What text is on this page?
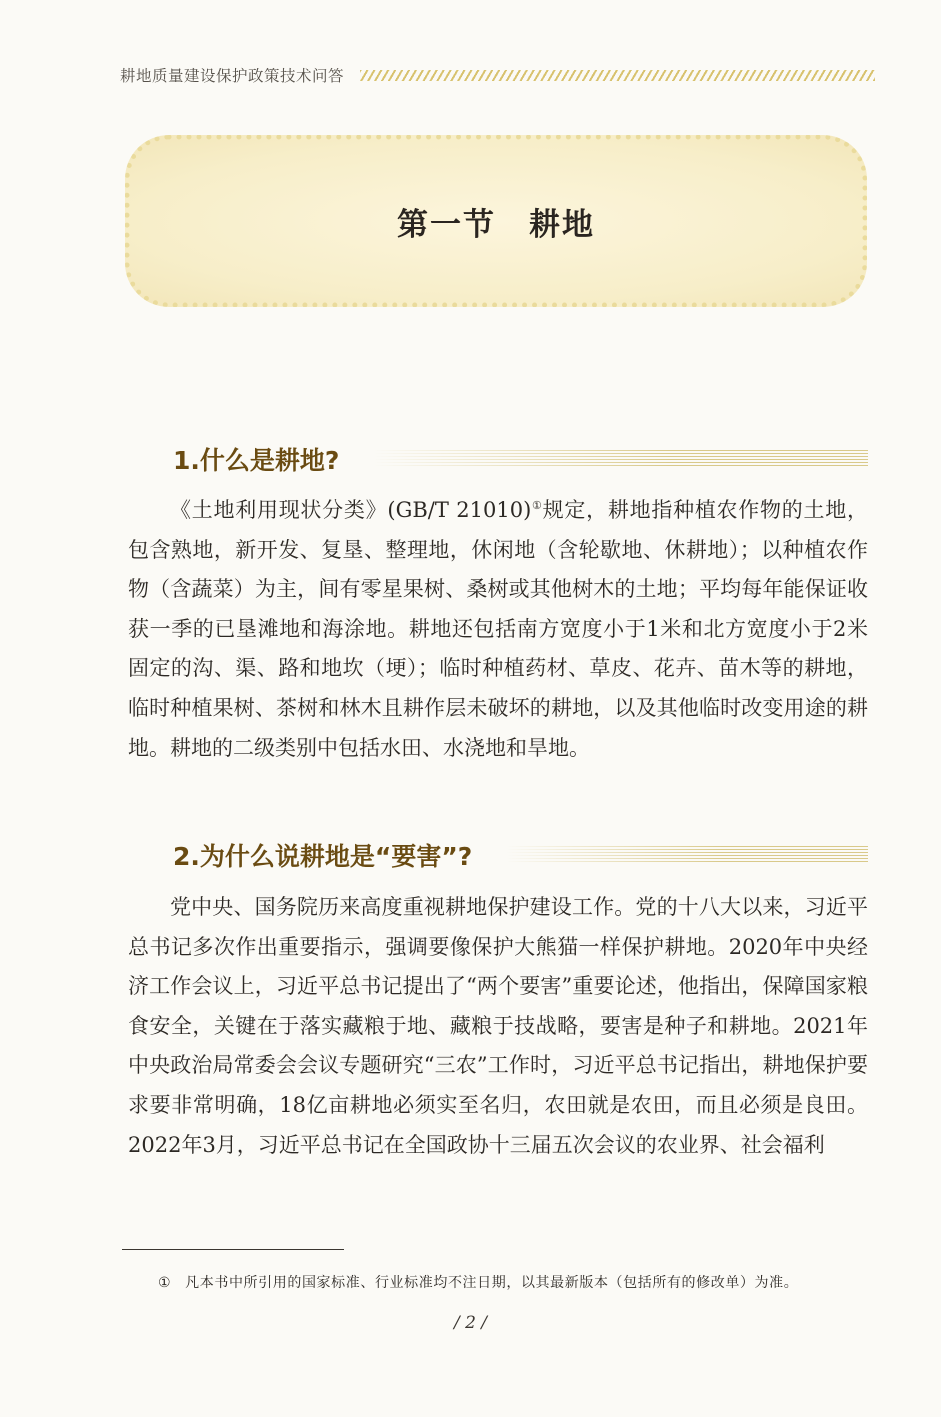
耕地质量建设保护政策技术问答
第一节　耕地
1.什么是耕地?

《土地利用现状分类》(GB/T 21010)①规定，耕地指种植农作物的土地，包含熟地，新开发、复垦、整理地，休闲地（含轮歇地、休耕地）；以种植农作物（含蔬菜）为主，间有零星果树、桑树或其他树木的土地；平均每年能保证收获一季的已垦滩地和海涂地。耕地还包括南方宽度小于1米和北方宽度小于2米固定的沟、渠、路和地坎（埂）；临时种植药材、草皮、花卉、苗木等的耕地，临时种植果树、茶树和林木且耕作层未破坏的耕地，以及其他临时改变用途的耕地。耕地的二级类别中包括水田、水浇地和旱地。

2.为什么说耕地是“要害”?

党中央、国务院历来高度重视耕地保护建设工作。党的十八大以来，习近平总书记多次作出重要指示，强调要像保护大熊猫一样保护耕地。2020年中央经济工作会议上，习近平总书记提出了“两个要害”重要论述，他指出，保障国家粮食安全，关键在于落实藏粮于地、藏粮于技战略，要害是种子和耕地。2021年中央政治局常委会会议专题研究“三农”工作时，习近平总书记指出，耕地保护要求要非常明确，18亿亩耕地必须实至名归，农田就是农田，而且必须是良田。2022年3月，习近平总书记在全国政协十三届五次会议的农业界、社会福利

① 凡本书中所引用的国家标准、行业标准均不注日期，以其最新版本（包括所有的修改单）为准。
/ 2 /
